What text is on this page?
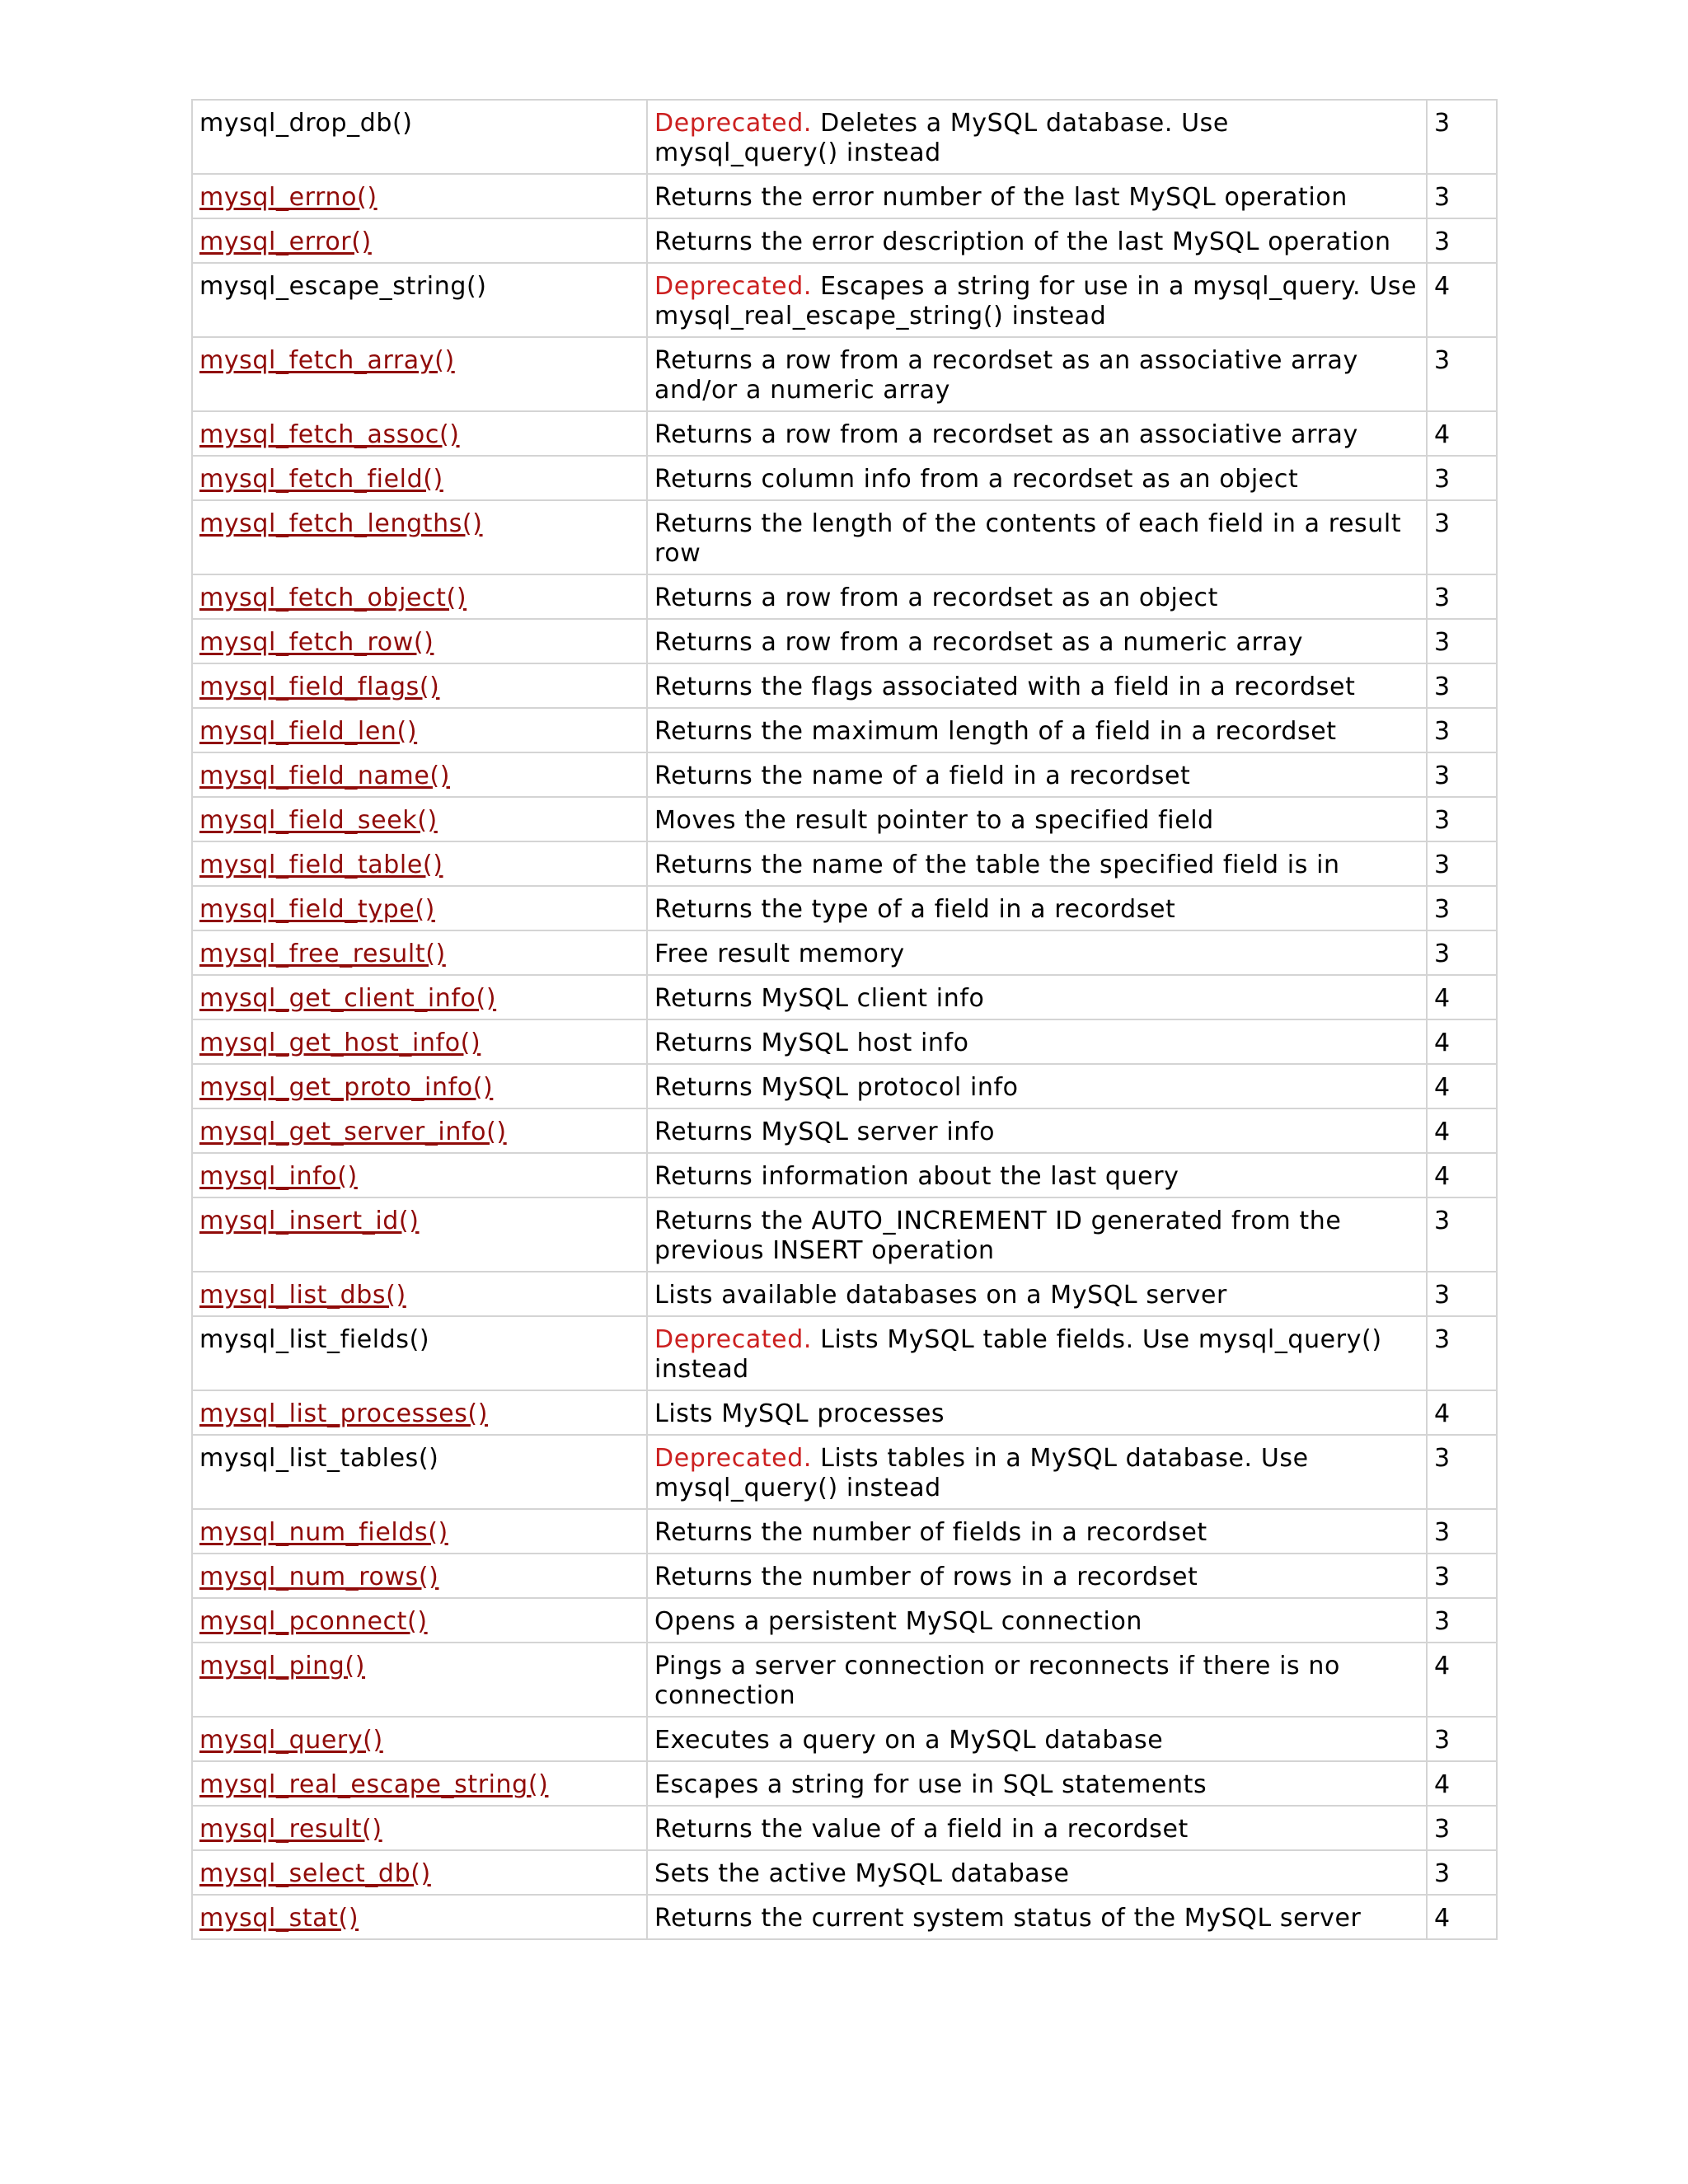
mysql_drop_db()	Deprecated. Deletes a MySQL database. Use mysql_query() instead	3
mysql_errno()	Returns the error number of the last MySQL operation	3
mysql_error()	Returns the error description of the last MySQL operation	3
mysql_escape_string()	Deprecated. Escapes a string for use in a mysql_query. Use mysql_real_escape_string() instead	4
mysql_fetch_array()	Returns a row from a recordset as an associative array and/or a numeric array	3
mysql_fetch_assoc()	Returns a row from a recordset as an associative array	4
mysql_fetch_field()	Returns column info from a recordset as an object	3
mysql_fetch_lengths()	Returns the length of the contents of each field in a result row	3
mysql_fetch_object()	Returns a row from a recordset as an object	3
mysql_fetch_row()	Returns a row from a recordset as a numeric array	3
mysql_field_flags()	Returns the flags associated with a field in a recordset	3
mysql_field_len()	Returns the maximum length of a field in a recordset	3
mysql_field_name()	Returns the name of a field in a recordset	3
mysql_field_seek()	Moves the result pointer to a specified field	3
mysql_field_table()	Returns the name of the table the specified field is in	3
mysql_field_type()	Returns the type of a field in a recordset	3
mysql_free_result()	Free result memory	3
mysql_get_client_info()	Returns MySQL client info	4
mysql_get_host_info()	Returns MySQL host info	4
mysql_get_proto_info()	Returns MySQL protocol info	4
mysql_get_server_info()	Returns MySQL server info	4
mysql_info()	Returns information about the last query	4
mysql_insert_id()	Returns the AUTO_INCREMENT ID generated from the previous INSERT operation	3
mysql_list_dbs()	Lists available databases on a MySQL server	3
mysql_list_fields()	Deprecated. Lists MySQL table fields. Use mysql_query() instead	3
mysql_list_processes()	Lists MySQL processes	4
mysql_list_tables()	Deprecated. Lists tables in a MySQL database. Use mysql_query() instead	3
mysql_num_fields()	Returns the number of fields in a recordset	3
mysql_num_rows()	Returns the number of rows in a recordset	3
mysql_pconnect()	Opens a persistent MySQL connection	3
mysql_ping()	Pings a server connection or reconnects if there is no connection	4
mysql_query()	Executes a query on a MySQL database	3
mysql_real_escape_string()	Escapes a string for use in SQL statements	4
mysql_result()	Returns the value of a field in a recordset	3
mysql_select_db()	Sets the active MySQL database	3
mysql_stat()	Returns the current system status of the MySQL server	4
